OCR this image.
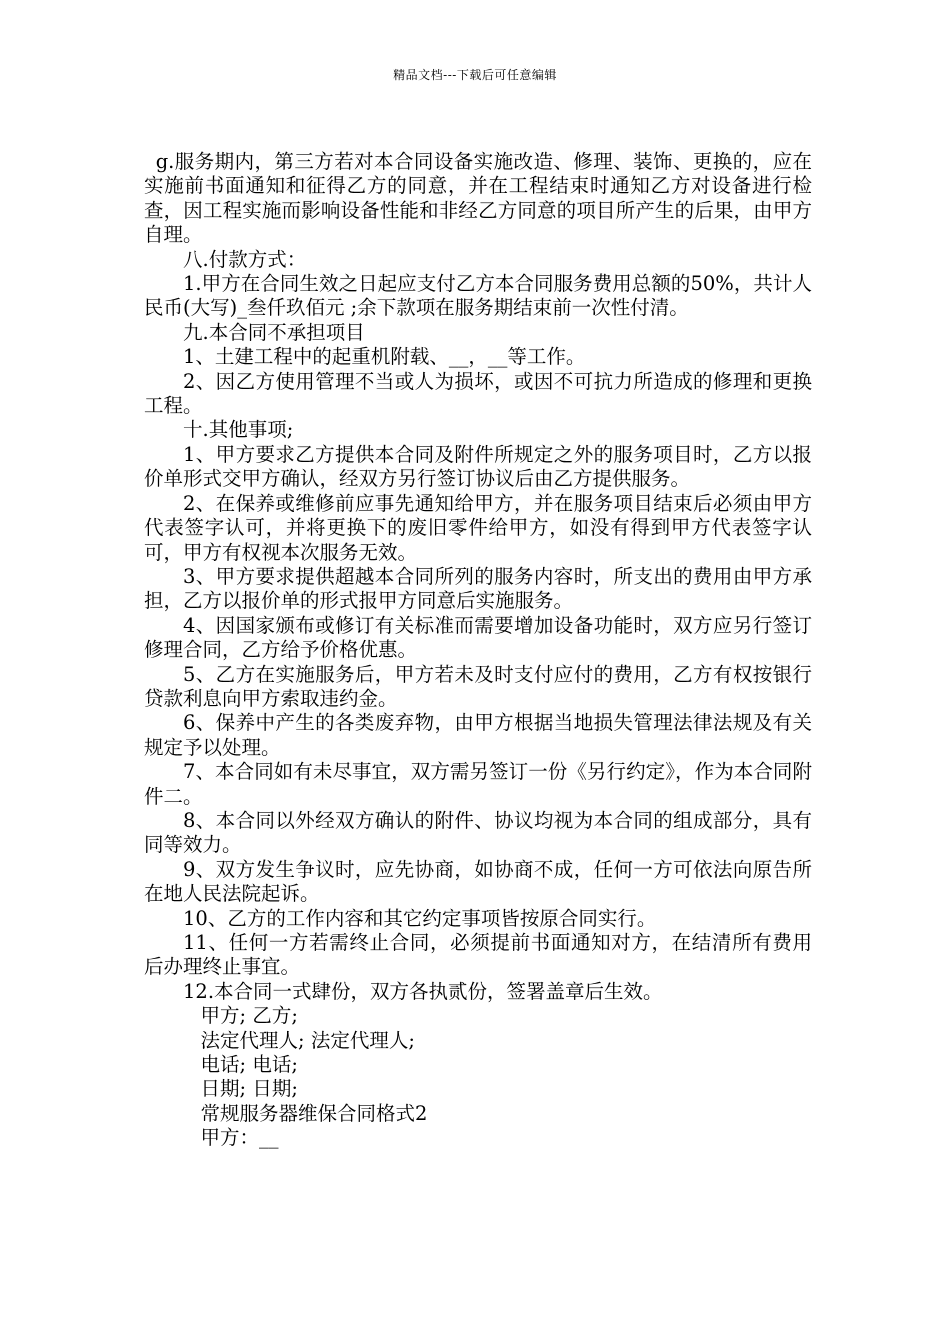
精品文档---下载后可任意编辑

g.服务期内，第三方若对本合同设备实施改造、修理、装饰、更换的，应在实施前书面通知和征得乙方的同意，并在工程结束时通知乙方对设备进行检查，因工程实施而影响设备性能和非经乙方同意的项目所产生的后果，由甲方自理。

八.付款方式：

1.甲方在合同生效之日起应支付乙方本合同服务费用总额的50%，共计人民币(大写)_叁仟玖佰元 ;余下款项在服务期结束前一次性付清。

九.本合同不承担项目

1、土建工程中的起重机附载、__，__等工作。

2、因乙方使用管理不当或人为损坏，或因不可抗力所造成的修理和更换工程。

十.其他事项;

1、甲方要求乙方提供本合同及附件所规定之外的服务项目时，乙方以报价单形式交甲方确认，经双方另行签订协议后由乙方提供服务。

2、在保养或维修前应事先通知给甲方，并在服务项目结束后必须由甲方代表签字认可，并将更换下的废旧零件给甲方，如没有得到甲方代表签字认可，甲方有权视本次服务无效。

3、甲方要求提供超越本合同所列的服务内容时，所支出的费用由甲方承担，乙方以报价单的形式报甲方同意后实施服务。

4、因国家颁布或修订有关标准而需要增加设备功能时，双方应另行签订修理合同，乙方给予价格优惠。

5、乙方在实施服务后，甲方若未及时支付应付的费用，乙方有权按银行贷款利息向甲方索取违约金。

6、保养中产生的各类废弃物，由甲方根据当地损失管理法律法规及有关规定予以处理。

7、本合同如有未尽事宜，双方需另签订一份《另行约定》，作为本合同附件二。

8、本合同以外经双方确认的附件、协议均视为本合同的组成部分，具有同等效力。

9、双方发生争议时，应先协商，如协商不成，任何一方可依法向原告所在地人民法院起诉。

10、乙方的工作内容和其它约定事项皆按原合同实行。

11、任何一方若需终止合同，必须提前书面通知对方，在结清所有费用后办理终止事宜。

12.本合同一式肆份，双方各执贰份，签署盖章后生效。

甲方; 乙方;

法定代理人; 法定代理人;

电话; 电话;

日期; 日期;

常规服务器维保合同格式2

甲方：__
